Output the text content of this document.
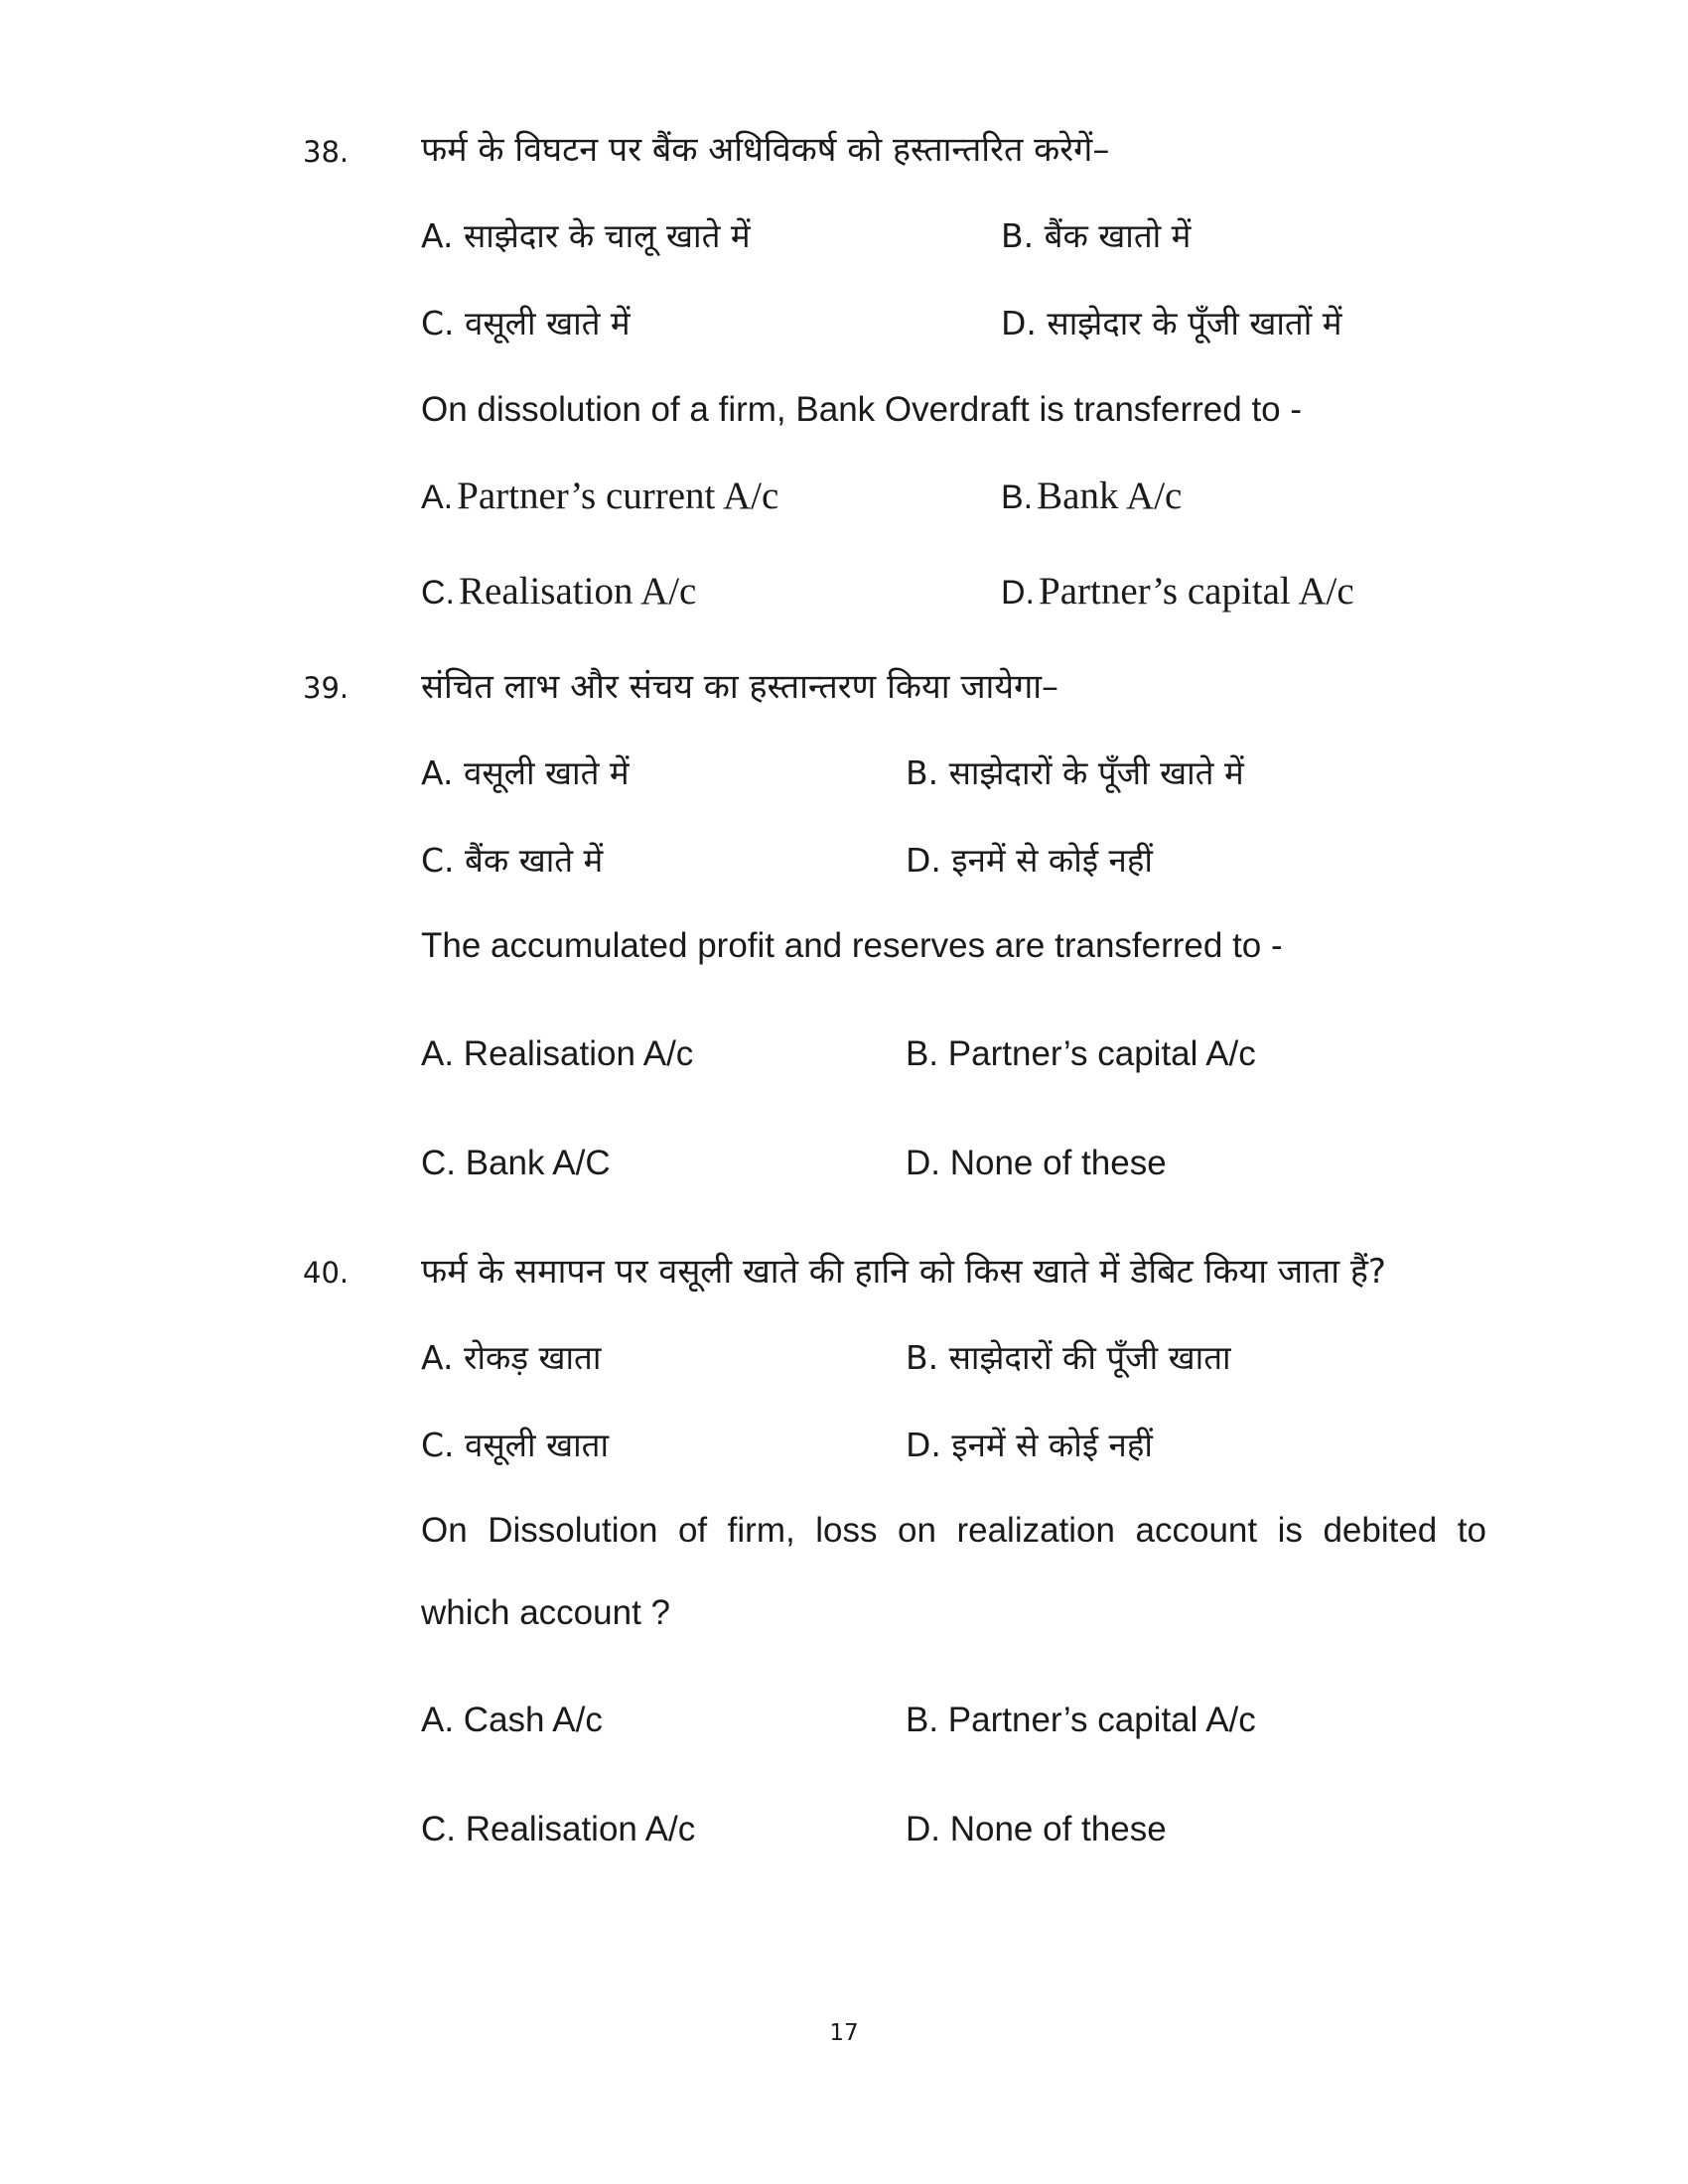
38. फर्म के विघटन पर बैंक अधिविकर्ष को हस्तान्तरित करेगें–
A. साझेदार के चालू खाते में	B. बैंक खातो में
C. वसूली खाते में	D. साझेदार के पूँजी खातों में
On dissolution of a firm, Bank Overdraft is transferred to -
A. Partner’s current A/c	B. Bank A/c
C. Realisation A/c	D. Partner’s capital A/c
39. संचित लाभ और संचय का हस्तान्तरण किया जायेगा–
A. वसूली खाते में	B. साझेदारों के पूँजी खाते में
C. बैंक खाते में	D. इनमें से कोई नहीं
The accumulated profit and reserves are transferred to -
A. Realisation A/c	B. Partner’s capital A/c
C. Bank A/C	D. None of these
40. फर्म के समापन पर वसूली खाते की हानि को किस खाते में डेबिट किया जाता हैं?
A. रोकड़ खाता	B. साझेदारों की पूँजी खाता
C. वसूली खाता	D. इनमें से कोई नहीं
On Dissolution of firm, loss on realization account is debited to
which account ?
A. Cash A/c	B. Partner’s capital A/c
C. Realisation A/c	D. None of these
17
